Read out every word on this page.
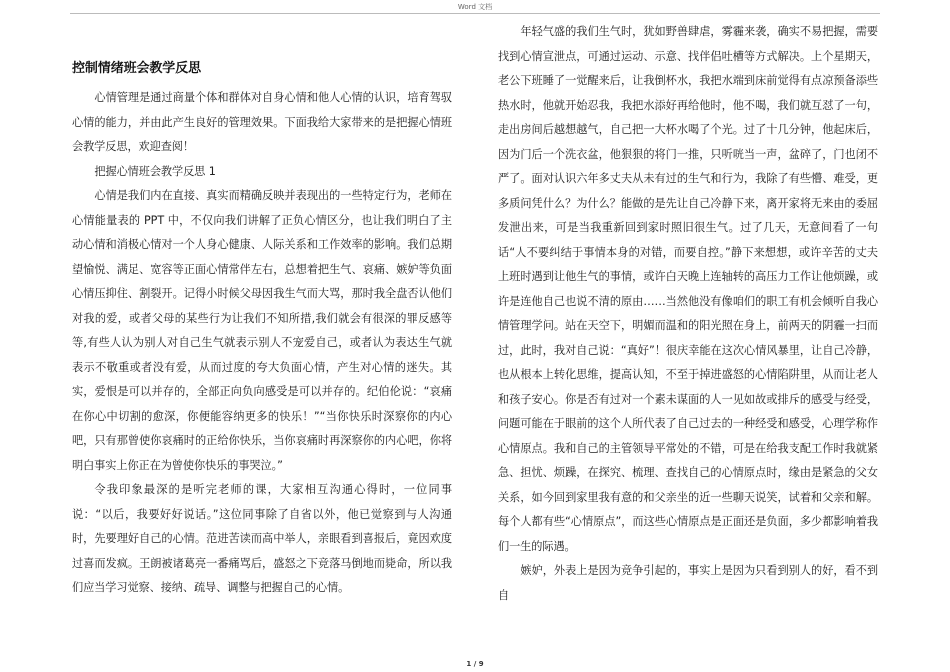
Word 文档
控制情绪班会教学反思

心情管理是通过商量个体和群体对自身心情和他人心情的认识，培育驾驭心情的能力，并由此产生良好的管理效果。下面我给大家带来的是把握心情班会教学反思，欢迎查阅！

把握心情班会教学反思 1

心情是我们内在直接、真实而精确反映并表现出的一些特定行为，老师在心情能量表的 PPT 中，不仅向我们讲解了正负心情区分，也让我们明白了主动心情和消极心情对一个人身心健康、人际关系和工作效率的影响。我们总期望愉悦、满足、宽容等正面心情常伴左右，总想着把生气、哀痛、嫉妒等负面心情压抑住、割裂开。记得小时候父母因我生气而大骂，那时我全盘否认他们对我的爱，或者父母的某些行为让我们不知所措,我们就会有很深的罪反感等等,有些人认为别人对自己生气就表示别人不宠爱自己，或者认为表达生气就表示不敬重或者没有爱，从而过度的夸大负面心情，产生对心情的迷失。其实，爱恨是可以并存的，全部正向负向感受是可以并存的。纪伯伦说：“哀痛在你心中切割的愈深，你便能容纳更多的快乐！”“当你快乐时深察你的内心吧，只有那曾使你哀痛时的正给你快乐，当你哀痛时再深察你的内心吧，你将明白事实上你正在为曾使你快乐的事哭泣。”

令我印象最深的是听完老师的课，大家相互沟通心得时，一位同事说：“以后，我要好好说话。”这位同事除了自省以外，他已觉察到与人沟通时，先要理好自己的心情。范进苦读而高中举人，亲眼看到喜报后，竟因欢度过喜而发疯。王朗被诸葛亮一番痛骂后，盛怒之下竞落马倒地而毙命，所以我们应当学习觉察、接纳、疏导、调整与把握自己的心情。

年轻气盛的我们生气时，犹如野兽肆虐，雾霾来袭，确实不易把握，需要找到心情宣泄点，可通过运动、示意、找伴侣吐槽等方式解决。上个星期天，老公下班睡了一觉醒来后，让我倒杯水，我把水端到床前觉得有点凉预备添些热水时，他就开始忍我，我把水添好再给他时，他不喝，我们就互怼了一句，走出房间后越想越气，自己把一大杯水喝了个光。过了十几分钟，他起床后，因为门后一个洗衣盆，他狠狠的将门一推，只听咣当一声，盆碎了，门也闭不严了。面对认识六年多丈夫从未有过的生气和行为，我除了有些懵、难受，更多质问凭什么？为什么？能做的是先让自己冷静下来，离开家将无来由的委屈发泄出来，可是当我重新回到家时照旧很生气。过了几天，无意间看了一句话“人不要纠结于事情本身的对错，而要自控。”静下来想想，或许辛苦的丈夫上班时遇到让他生气的事情，或许白天晚上连轴转的高压力工作让他烦躁，或许是连他自己也说不清的原由……当然他没有像咱们的职工有机会倾听自我心情管理学问。站在天空下，明媚而温和的阳光照在身上，前两天的阴霾一扫而过，此时，我对自己说：“真好”！很庆幸能在这次心情风暴里，让自己冷静，也从根本上转化思维，提高认知，不至于掉进盛怒的心情陷阱里，从而让老人和孩子安心。你是否有过对一个素未谋面的人一见如故或排斥的感受与经受，问题可能在于眼前的这个人所代表了自己过去的一种经受和感受，心理学称作心情原点。我和自己的主管领导平常处的不错，可是在给我支配工作时我就紧急、担忧、烦躁，在探究、梳理、查找自己的心情原点时，缘由是紧急的父女关系，如今回到家里我有意的和父亲坐的近一些聊天说笑，试着和父亲和解。每个人都有些“心情原点”，而这些心情原点是正面还是负面，多少都影响着我们一生的际遇。

嫉妒，外表上是因为竞争引起的，事实上是因为只看到别人的好，看不到自

1 / 9
